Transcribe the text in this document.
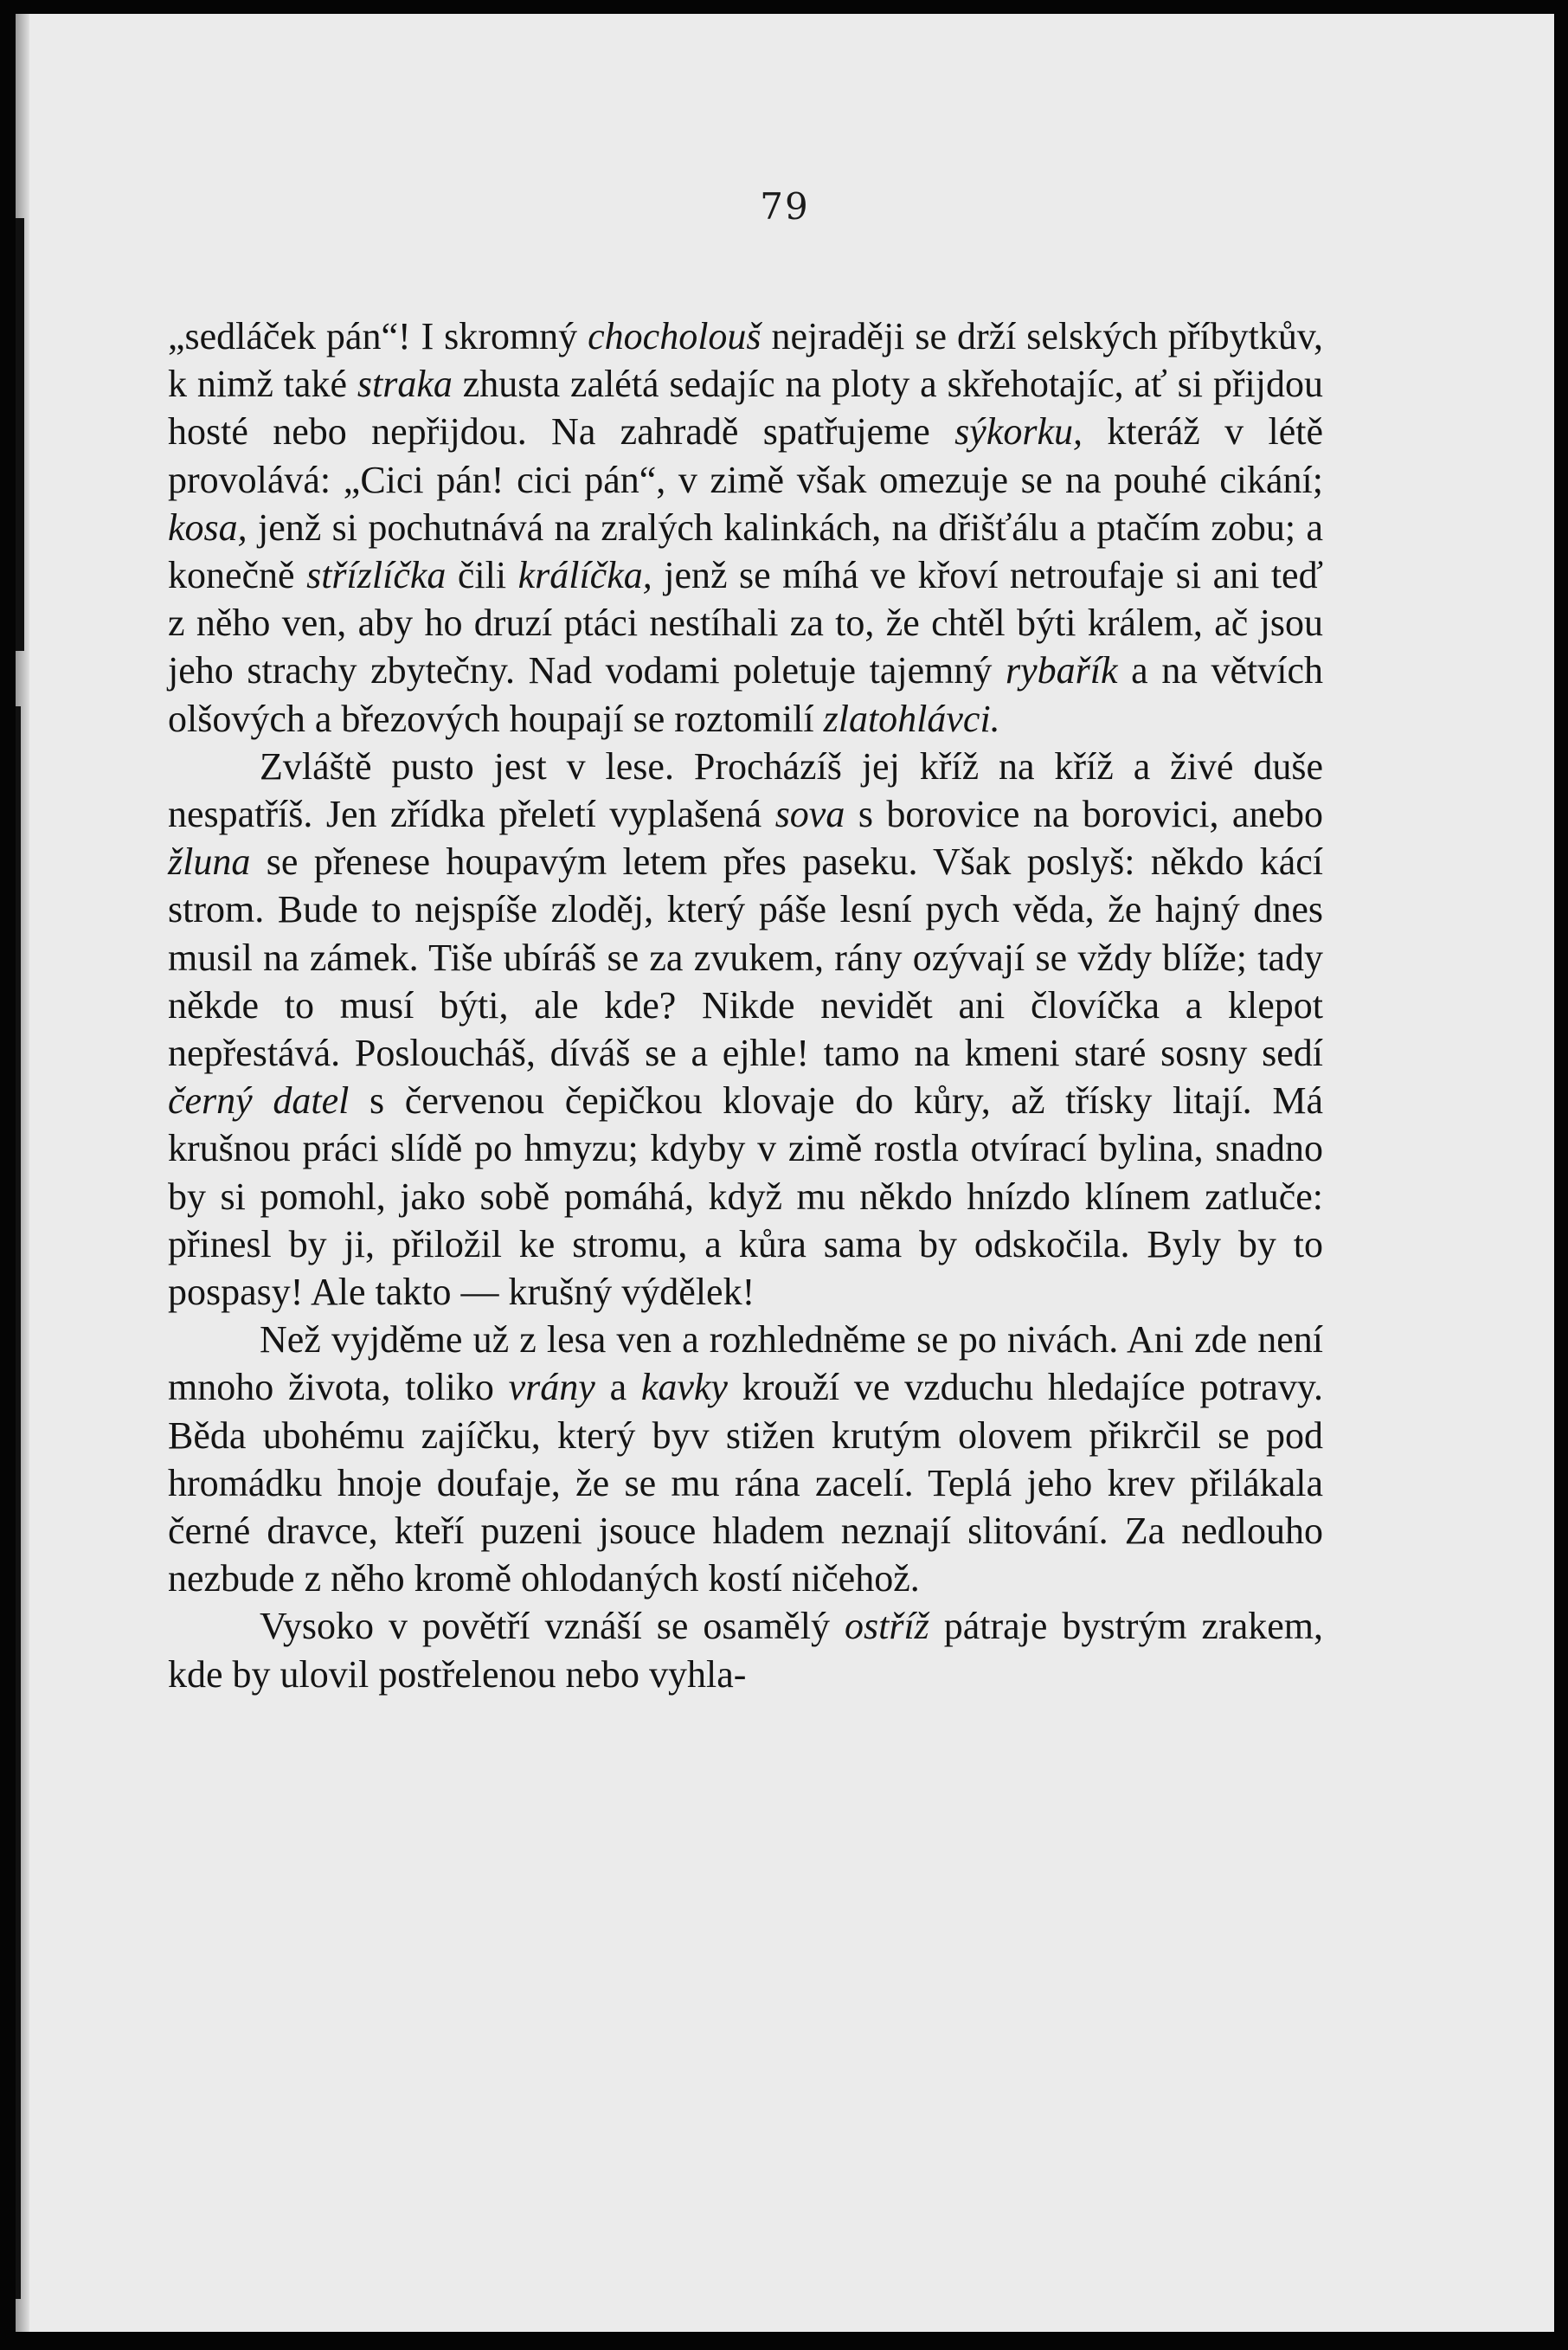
79

„sedláček pán“! I skromný chocholouš nejraději se drží selských příbytkův, k nimž také straka zhusta zalétá sedajíc na ploty a skřehotajíc, ať si přijdou hosté nebo nepřijdou. Na zahradě spatřujeme sýkorku, kteráž v létě provolává: „Cici pán! cici pán“, v zimě však omezuje se na pouhé cikání; kosa, jenž si pochutnává na zralých kalinkách, na dřišťálu a ptačím zobu; a konečně střízlíčka čili králíčka, jenž se míhá ve křoví netroufaje si ani teď z něho ven, aby ho druzí ptáci nestíhali za to, že chtěl býti králem, ač jsou jeho strachy zbytečny. Nad vodami poletuje tajemný rybařík a na větvích olšových a březových houpají se roztomilí zlatohlávci.

Zvláště pusto jest v lese. Procházíš jej kříž na kříž a živé duše nespatříš. Jen zřídka přeletí vyplašená sova s borovice na borovici, anebo žluna se přenese houpavým letem přes paseku. Však poslyš: někdo kácí strom. Bude to nejspíše zloděj, který páše lesní pych věda, že hajný dnes musil na zámek. Tiše ubíráš se za zvukem, rány ozývají se vždy blíže; tady někde to musí býti, ale kde? Nikde nevidět ani človíčka a klepot nepřestává. Posloucháš, díváš se a ejhle! tamo na kmeni staré sosny sedí černý datel s červenou čepičkou klovaje do kůry, až třísky litají. Má krušnou práci slídě po hmyzu; kdyby v zimě rostla otvírací bylina, snadno by si pomohl, jako sobě pomáhá, když mu někdo hnízdo klínem zatluče: přinesl by ji, přiložil ke stromu, a kůra sama by odskočila. Byly by to pospasy! Ale takto — krušný výdělek!

Než vyjděme už z lesa ven a rozhledněme se po nivách. Ani zde není mnoho života, toliko vrány a kavky krouží ve vzduchu hledajíce potravy. Běda ubohému zajíčku, který byv stižen krutým olovem přikrčil se pod hromádku hnoje doufaje, že se mu rána zacelí. Teplá jeho krev přilákala černé dravce, kteří puzeni jsouce hladem neznají slitování. Za nedlouho nezbude z něho kromě ohlodaných kostí ničehož.

Vysoko v povětří vznáší se osamělý ostříž pátraje bystrým zrakem, kde by ulovil postřelenou nebo vyhla-
